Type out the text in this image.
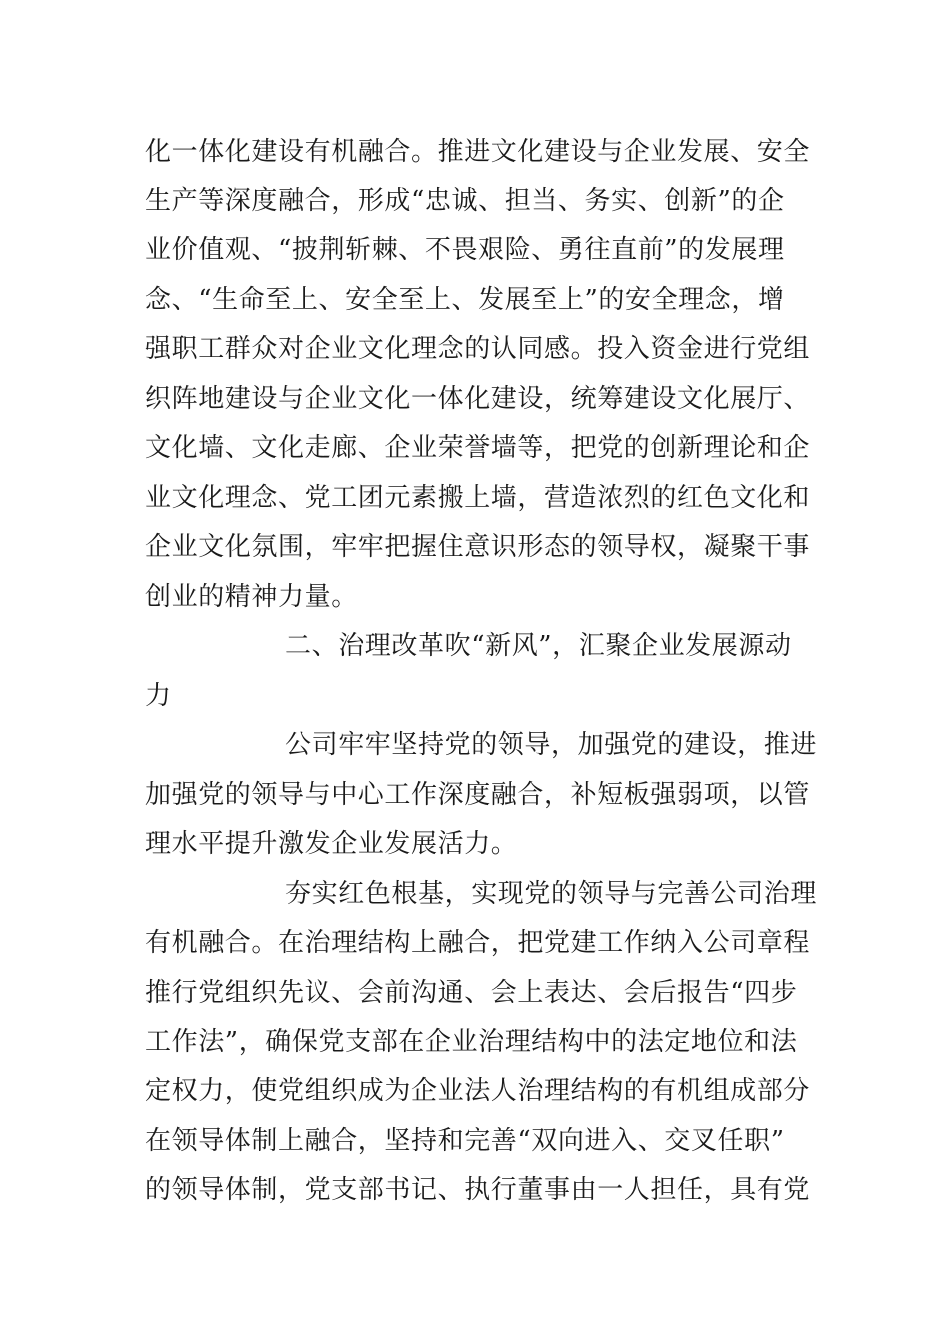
化一体化建设有机融合。推进文化建设与企业发展、安全
生产等深度融合，形成“忠诚、担当、务实、创新”的企
业价值观、“披荆斩棘、不畏艰险、勇往直前”的发展理
念、“生命至上、安全至上、发展至上”的安全理念，增
强职工群众对企业文化理念的认同感。投入资金进行党组
织阵地建设与企业文化一体化建设，统筹建设文化展厅、
文化墙、文化走廊、企业荣誉墙等，把党的创新理论和企
业文化理念、党工团元素搬上墙，营造浓烈的红色文化和
企业文化氛围，牢牢把握住意识形态的领导权，凝聚干事
创业的精神力量。
二、治理改革吹“新风”，汇聚企业发展源动
力
公司牢牢坚持党的领导，加强党的建设，推进
加强党的领导与中心工作深度融合，补短板强弱项，以管
理水平提升激发企业发展活力。
夯实红色根基，实现党的领导与完善公司治理
有机融合。在治理结构上融合，把党建工作纳入公司章程
推行党组织先议、会前沟通、会上表达、会后报告“四步
工作法”，确保党支部在企业治理结构中的法定地位和法
定权力，使党组织成为企业法人治理结构的有机组成部分
在领导体制上融合，坚持和完善“双向进入、交叉任职”
的领导体制，党支部书记、执行董事由一人担任，具有党
